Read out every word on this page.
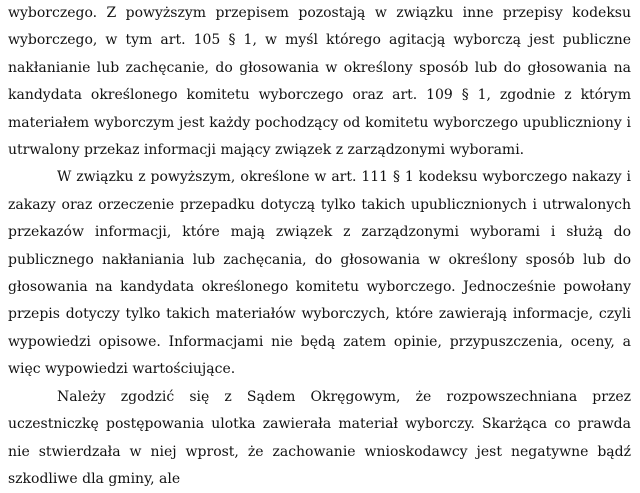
wyborczego. Z powyższym przepisem pozostają w związku inne przepisy kodeksu wyborczego, w tym art. 105 § 1, w myśl którego agitacją wyborczą jest publiczne nakłanianie lub zachęcanie, do głosowania w określony sposób lub do głosowania na kandydata określonego komitetu wyborczego oraz art. 109 § 1, zgodnie z którym materiałem wyborczym jest każdy pochodzący od komitetu wyborczego upubliczniony i utrwalony przekaz informacji mający związek z zarządzonymi wyborami.

W związku z powyższym, określone w art. 111 § 1 kodeksu wyborczego nakazy i zakazy oraz orzeczenie przepadku dotyczą tylko takich upublicznionych i utrwalonych przekazów informacji, które mają związek z zarządzonymi wyborami i służą do publicznego nakłaniania lub zachęcania, do głosowania w określony sposób lub do głosowania na kandydata określonego komitetu wyborczego. Jednocześnie powołany przepis dotyczy tylko takich materiałów wyborczych, które zawierają informacje, czyli wypowiedzi opisowe. Informacjami nie będą zatem opinie, przypuszczenia, oceny, a więc wypowiedzi wartościujące.

Należy zgodzić się z Sądem Okręgowym, że rozpowszechniana przez uczestniczkę postępowania ulotka zawierała materiał wyborczy. Skarżąca co prawda nie stwierdzała w niej wprost, że zachowanie wnioskodawcy jest negatywne bądź szkodliwe dla gminy, ale
